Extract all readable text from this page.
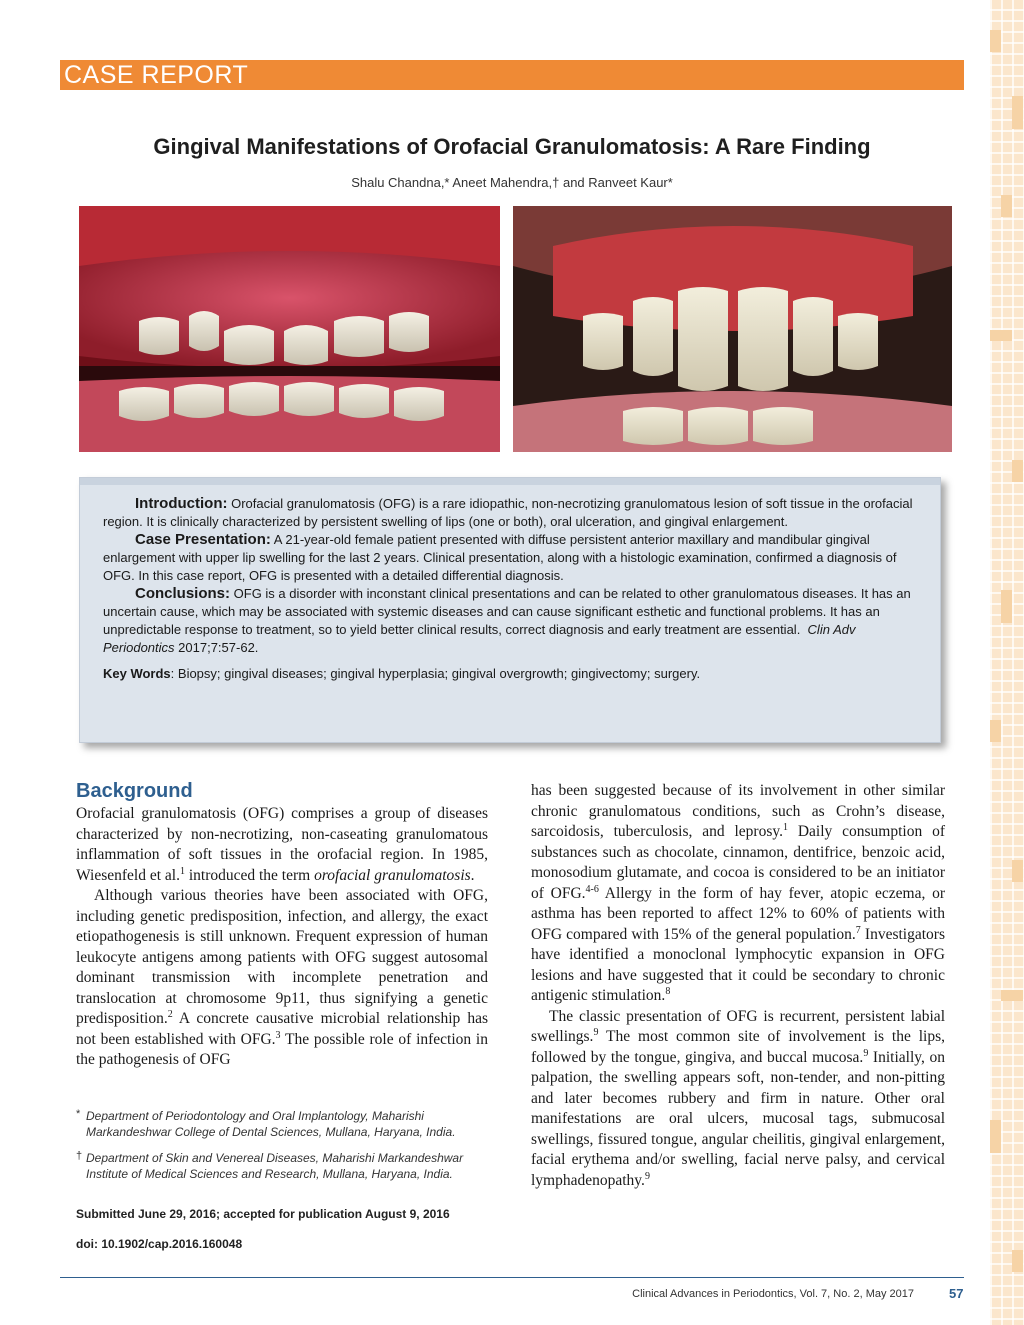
CASE REPORT
Gingival Manifestations of Orofacial Granulomatosis: A Rare Finding
Shalu Chandna,* Aneet Mahendra,† and Ranveet Kaur*

Introduction: Orofacial granulomatosis (OFG) is a rare idiopathic, non-necrotizing granulomatous lesion of soft tissue in the orofacial region. It is clinically characterized by persistent swelling of lips (one or both), oral ulceration, and gingival enlargement.

Case Presentation: A 21-year-old female patient presented with diffuse persistent anterior maxillary and mandibular gingival enlargement with upper lip swelling for the last 2 years. Clinical presentation, along with a histologic examination, confirmed a diagnosis of OFG. In this case report, OFG is presented with a detailed differential diagnosis.

Conclusions: OFG is a disorder with inconstant clinical presentations and can be related to other granulomatous diseases. It has an uncertain cause, which may be associated with systemic diseases and can cause significant esthetic and functional problems. It has an unpredictable response to treatment, so to yield better clinical results, correct diagnosis and early treatment are essential. Clin Adv Periodontics 2017;7:57-62.

Key Words: Biopsy; gingival diseases; gingival hyperplasia; gingival overgrowth; gingivectomy; surgery.

Background

Orofacial granulomatosis (OFG) comprises a group of diseases characterized by non-necrotizing, non-caseating granulomatous inflammation of soft tissues in the orofacial region. In 1985, Wiesenfeld et al.$^1$ introduced the term orofacial granulomatosis.

Although various theories have been associated with OFG, including genetic predisposition, infection, and allergy, the exact etiopathogenesis is still unknown. Frequent expression of human leukocyte antigens among patients with OFG suggest autosomal dominant transmission with incomplete penetration and translocation at chromosome 9p11, thus signifying a genetic predisposition.$^2$ A concrete causative microbial relationship has not been established with OFG.$^3$ The possible role of infection in the pathogenesis of OFG

* Department of Periodontology and Oral Implantology, Maharishi Markandeshwar College of Dental Sciences, Mullana, Haryana, India.
† Department of Skin and Venereal Diseases, Maharishi Markandeshwar Institute of Medical Sciences and Research, Mullana, Haryana, India.
Submitted June 29, 2016; accepted for publication August 9, 2016
doi: 10.1902/cap.2016.160048

has been suggested because of its involvement in other similar chronic granulomatous conditions, such as Crohn’s disease, sarcoidosis, tuberculosis, and leprosy.$^1$ Daily consumption of substances such as chocolate, cinnamon, dentifrice, benzoic acid, monosodium glutamate, and cocoa is considered to be an initiator of OFG.$^{4-6}$ Allergy in the form of hay fever, atopic eczema, or asthma has been reported to affect 12% to 60% of patients with OFG compared with 15% of the general population.$^7$ Investigators have identified a monoclonal lymphocytic expansion in OFG lesions and have suggested that it could be secondary to chronic antigenic stimulation.$^8$

The classic presentation of OFG is recurrent, persistent labial swellings.$^9$ The most common site of involvement is the lips, followed by the tongue, gingiva, and buccal mucosa.$^9$ Initially, on palpation, the swelling appears soft, non-tender, and non-pitting and later becomes rubbery and firm in nature. Other oral manifestations are oral ulcers, mucosal tags, submucosal swellings, fissured tongue, angular cheilitis, gingival enlargement, facial erythema and/or swelling, facial nerve palsy, and cervical lymphadenopathy.$^9$

Clinical Advances in Periodontics, Vol. 7, No. 2, May 2017	57
